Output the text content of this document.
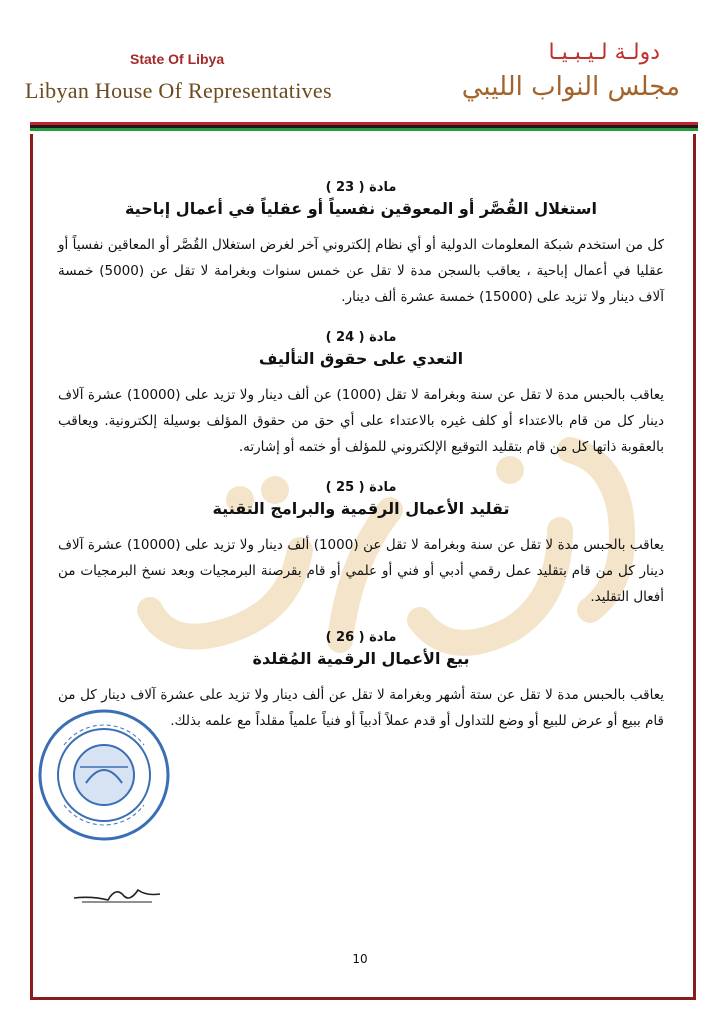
State Of Libya
Libyan House Of Representatives
دولـة لـيـبـيـا
مجلس النواب الليبي
مادة ( 23 )
استغلال القُصَّر أو المعوقين نفسياً أو عقلياً في أعمال إباحية

كل من استخدم شبكة المعلومات الدولية أو أي نظام إلكتروني آخر لغرض استغلال القُصَّر أو المعاقين نفسياً أو عقليا في أعمال إباحية ، يعاقب بالسجن مدة لا تقل عن خمس سنوات وبغرامة لا تقل عن (5000) خمسة آلاف دينار ولا تزيد على (15000) خمسة عشرة ألف دينار.

مادة ( 24 )
التعدي على حقوق التأليف

يعاقب بالحبس مدة لا تقل عن سنة وبغرامة لا تقل (1000) عن ألف دينار ولا تزيد على (10000) عشرة آلاف دينار كل من قام بالاعتداء أو كلف غيره بالاعتداء على أي حق من حقوق المؤلف بوسيلة إلكترونية. ويعاقب بالعقوبة ذاتها كل من قام بتقليد التوقيع الإلكتروني للمؤلف أو ختمه أو إشارته.

مادة ( 25 )
تقليد الأعمال الرقمية والبرامج التقنية

يعاقب بالحبس مدة لا تقل عن سنة وبغرامة لا تقل عن (1000) ألف دينار ولا تزيد على (10000) عشرة آلاف دينار كل من قام بتقليد عمل رقمي أدبي أو فني أو علمي أو قام بقرصنة البرمجيات وبعد نسخ البرمجيات من أفعال التقليد.

مادة ( 26 )
بيع الأعمال الرقمية المُقلدة

يعاقب بالحبس مدة لا تقل عن ستة أشهر وبغرامة لا تقل عن ألف دينار ولا تزيد على عشرة آلاف دينار كل من قام ببيع أو عرض للبيع أو وضع للتداول أو قدم عملاً أدبياً أو فنياً علمياً مقلداً مع علمه بذلك.

10
